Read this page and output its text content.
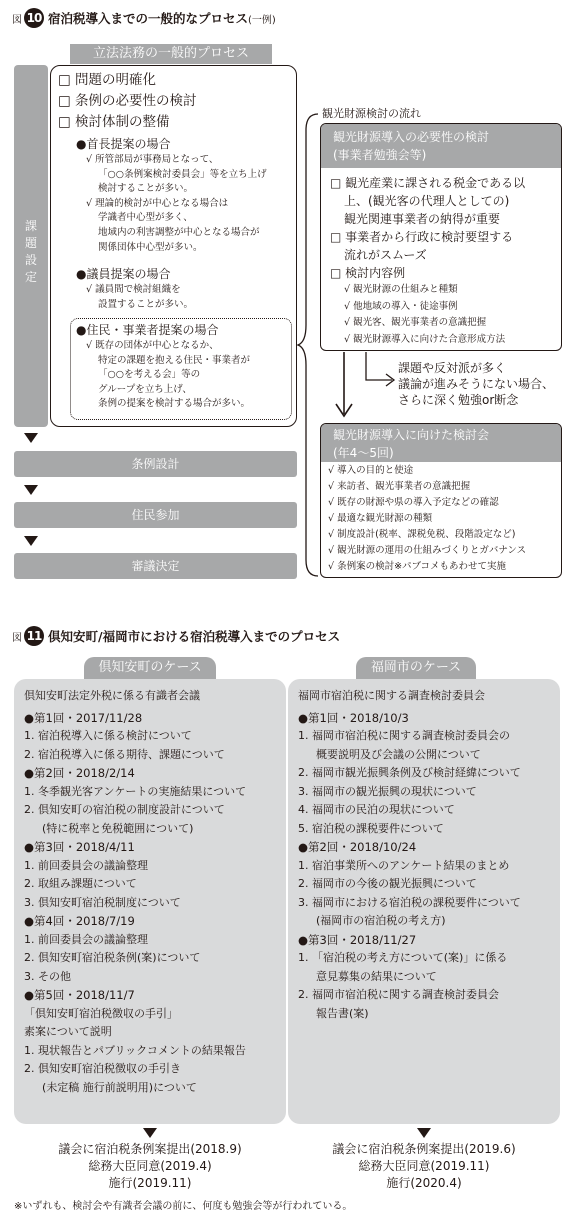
図 10 宿泊税導入までの一般的なプロセス (一例)
課
題
設
定
立法法務の一般的プロセス
□ 問題の明確化
□ 条例の必要性の検討
□ 検討体制の整備
●首長提案の場合
√ 所管部局が事務局となって、
「○○条例案検討委員会」等を立ち上げ
検討することが多い。
√ 理論的検討が中心となる場合は
学識者中心型が多く、
地域内の利害調整が中心となる場合が
関係団体中心型が多い。
●議員提案の場合
√ 議員間で検討組織を
設置することが多い。
●住民・事業者提案の場合
√ 既存の団体が中心となるか、
特定の課題を抱える住民・事業者が
「○○を考える会」等の
グループを立ち上げ、
条例の提案を検討する場合が多い。
条例設計
住民参加
審議決定
観光財源検討の流れ
観光財源導入の必要性の検討
(事業者勉強会等)
□ 観光産業に課される税金である以
上、(観光客の代理人としての)
観光関連事業者の納得が重要
□ 事業者から行政に検討要望する
流れがスムーズ
□ 検討内容例
√ 観光財源の仕組みと種類
√ 他地域の導入・徒途事例
√ 観光客、観光事業者の意識把握
√ 観光財源導入に向けた合意形成方法
課題や反対派が多く
議論が進みそうにない場合、
さらに深く勉強or断念
観光財源導入に向けた検討会
(年4〜5回)
√ 導入の目的と使途
√ 来訪者、観光事業者の意識把握
√ 既存の財源や県の導入予定などの確認
√ 最適な観光財源の種類
√ 制度設計(税率、課税免税、段階設定など)
√ 観光財源の運用の仕組みづくりとガバナンス
√ 条例案の検討※パブコメもあわせて実施
図 11 倶知安町/福岡市における宿泊税導入までのプロセス
倶知安町のケース
倶知安町法定外税に係る有識者会議
●第1回・2017/11/28
1. 宿泊税導入に係る検討について
2. 宿泊税導入に係る期待、課題について
●第2回・2018/2/14
1. 冬季観光客アンケートの実施結果について
2. 倶知安町の宿泊税の制度設計について
(特に税率と免税範囲について)
●第3回・2018/4/11
1. 前回委員会の議論整理
2. 取組み課題について
3. 倶知安町宿泊税制度について
●第4回・2018/7/19
1. 前回委員会の議論整理
2. 倶知安町宿泊税条例(案)について
3. その他
●第5回・2018/11/7
「倶知安町宿泊税徴収の手引」
素案について説明
1. 現状報告とパブリックコメントの結果報告
2. 倶知安町宿泊税徴収の手引き
(未定稿 施行前説明用)について
福岡市のケース
福岡市宿泊税に関する調査検討委員会
●第1回・2018/10/3
1. 福岡市宿泊税に関する調査検討委員会の
概要説明及び会議の公開について
2. 福岡市観光振興条例及び検討経緯について
3. 福岡市の観光振興の現状について
4. 福岡市の民泊の現状について
5. 宿泊税の課税要件について
●第2回・2018/10/24
1. 宿泊事業所へのアンケート結果のまとめ
2. 福岡市の今後の観光振興について
3. 福岡市における宿泊税の課税要件について
(福岡市の宿泊税の考え方)
●第3回・2018/11/27
1. 「宿泊税の考え方について(案)」に係る
意見募集の結果について
2. 福岡市宿泊税に関する調査検討委員会
報告書(案)
議会に宿泊税条例案提出(2018.9)
総務大臣同意(2019.4)
施行(2019.11)
議会に宿泊税条例案提出(2019.6)
総務大臣同意(2019.11)
施行(2020.4)
※いずれも、検討会や有識者会議の前に、何度も勉強会等が行われている。
